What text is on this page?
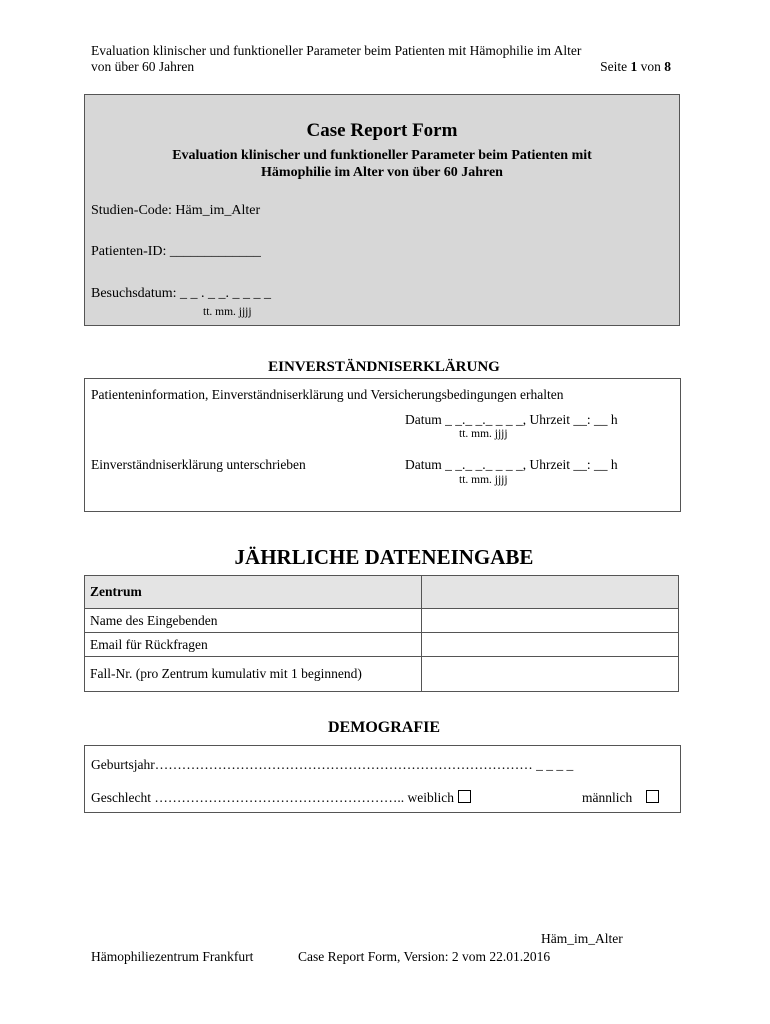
Evaluation klinischer und funktioneller Parameter beim Patienten mit Hämophilie im Alter
von über 60 Jahren	Seite 1 von 8
Case Report Form
Evaluation klinischer und funktioneller Parameter beim Patienten mit
Hämophilie im Alter von über 60 Jahren
Studien-Code: Häm_im_Alter
Patienten-ID: _____________
Besuchsdatum: _ _ . _ _. _ _ _ _
tt. mm. jjjj
EINVERSTÄNDNISERKLÄRUNG
Patienteninformation, Einverständniserklärung und Versicherungsbedingungen erhalten
Datum _ _._ _._ _ _ _, Uhrzeit __: __ h
tt. mm. jjjj
Einverständniserklärung unterschrieben	Datum _ _._ _._ _ _ _, Uhrzeit __: __ h
tt. mm. jjjj
JÄHRLICHE DATENEINGABE
Zentrum	
Name des Eingebenden	
Email für Rückfragen	
Fall-Nr. (pro Zentrum kumulativ mit 1 beginnend)	
DEMOGRAFIE
Geburtsjahr………………………………………………………………………… _ _ _ _
Geschlecht ……………………………………………….. weiblich	männlich
Häm_im_Alter
Hämophiliezentrum Frankfurt	Case Report Form, Version: 2 vom 22.01.2016
